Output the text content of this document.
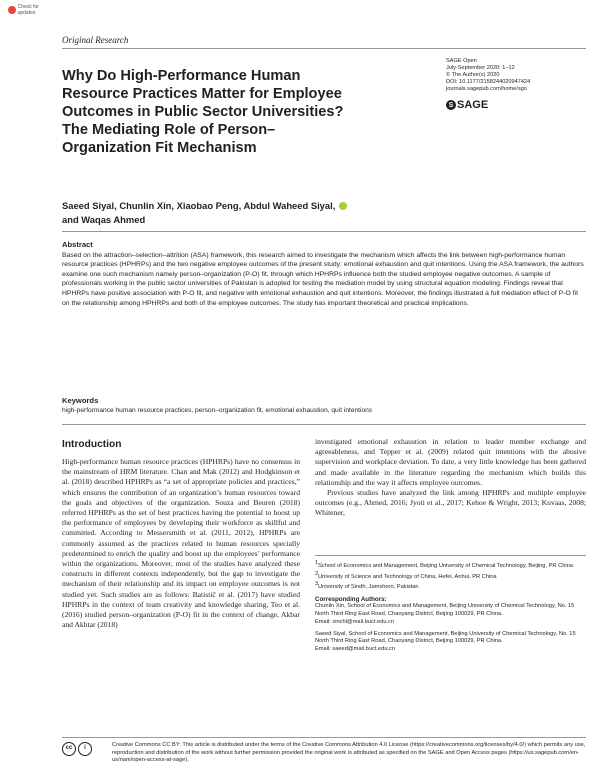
Check for updates
Original Research
Why Do High-Performance Human Resource Practices Matter for Employee Outcomes in Public Sector Universities? The Mediating Role of Person–Organization Fit Mechanism
SAGE Open
July-September 2020: 1–12
© The Author(s) 2020
DOI: 10.1177/2158244020947424
journals.sagepub.com/home/sgo
S SAGE
Saeed Siyal, Chunlin Xin, Xiaobao Peng, Abdul Waheed Siyal,
and Waqas Ahmed
Abstract
Based on the attraction–selection–attrition (ASA) framework, this research aimed to investigate the mechanism which affects the link between high-performance human resource practices (HPHRPs) and the two negative employee outcomes of the present study: emotional exhaustion and quit intentions. Using the ASA framework, the authors examine one such mechanism namely person–organization (P-O) fit, through which HPHRPs influence both the studied employee negative outcomes. A sample of professionals working in the public sector universities of Pakistan is adopted for testing the mediation model by using structural equation modeling. Findings reveal that HPHRPs have positive association with P-O fit, and negative with emotional exhaustion and quit intentions. Moreover, the findings illustrated a full mediation effect of P-O fit on the relationship among HPHRPs and both of the employee outcomes. The study has important theoretical and practical implications.
Keywords
high-performance human resource practices, person–organization fit, emotional exhaustion, quit intentions
Introduction

High-performance human resource practices (HPHRPs) have no consensus in the mainstream of HRM literature. Chan and Mak (2012) and Hodgkinson et al. (2018) described HPHRPs as “a set of appropriate policies and practices,” which ensures the contribution of an organization’s human resources toward the goals and objectives of the organization. Souza and Beuren (2018) referred HPHRPs as the set of best practices having the potential to boost up the performance of employees by developing their workforce as skillful and committed. According to Messersmith et al. (2011, 2012), HPHRPs are commonly assumed as the practices related to human resources specially predetermined to enrich the quality and boost up the employees’ performance within the organizations. Moreover, most of the studies have analyzed these constructs in different contexts independently, but the gap to investigate the mechanism of their relationship and its impact on employee outcomes is not studied yet. Such studies are as follows: Batistič et al. (2017) have studied HPHRPs in the context of team creativity and knowledge sharing, Teo et al. (2016) studied person–organization (P-O) fit in the context of change, Akbar and Akhtar (2018)

investigated emotional exhaustion in relation to leader member exchange and agreeableness, and Tepper et al. (2009) related quit intentions with the abusive supervision and workplace deviation. To date, a very little knowledge has been gathered and made available in the literature regarding the mechanism which builds this relationship and the way it affects employee outcomes.

Previous studies have analyzed the link among HPHRPs and multiple employee outcomes (e.g., Ahmed, 2016; Jyoti et al., 2017; Kehoe & Wright, 2013; Kuvaas, 2008; Whitener,

$^1$School of Economics and Management, Beijing University of Chemical Technology, Beijing, PR China
$^2$University of Science and Technology of China, Hefei, Anhui, PR China
$^3$University of Sindh, Jamshoro, Pakistan
Corresponding Authors:
Chunlin Xin, School of Economics and Management, Beijing University of Chemical Technology, No. 15 North Third Ring East Road, Chaoyang District, Beijing 100029, PR China.
Email: xinchl@mail.buct.edu.cn
Saeed Siyal, School of Economics and Management, Beijing University of Chemical Technology, No. 15 North Third Ring East Road, Chaoyang District, Beijing 100029, PR China.
Email: saeed@mail.buct.edu.cn
cc	i
Creative Commons CC BY: This article is distributed under the terms of the Creative Commons Attribution 4.0 License (https://creativecommons.org/licenses/by/4.0/) which permits any use, reproduction and distribution of the work without further permission provided the original work is attributed as specified on the SAGE and Open Access pages (https://us.sagepub.com/en-us/nam/open-access-at-sage).
